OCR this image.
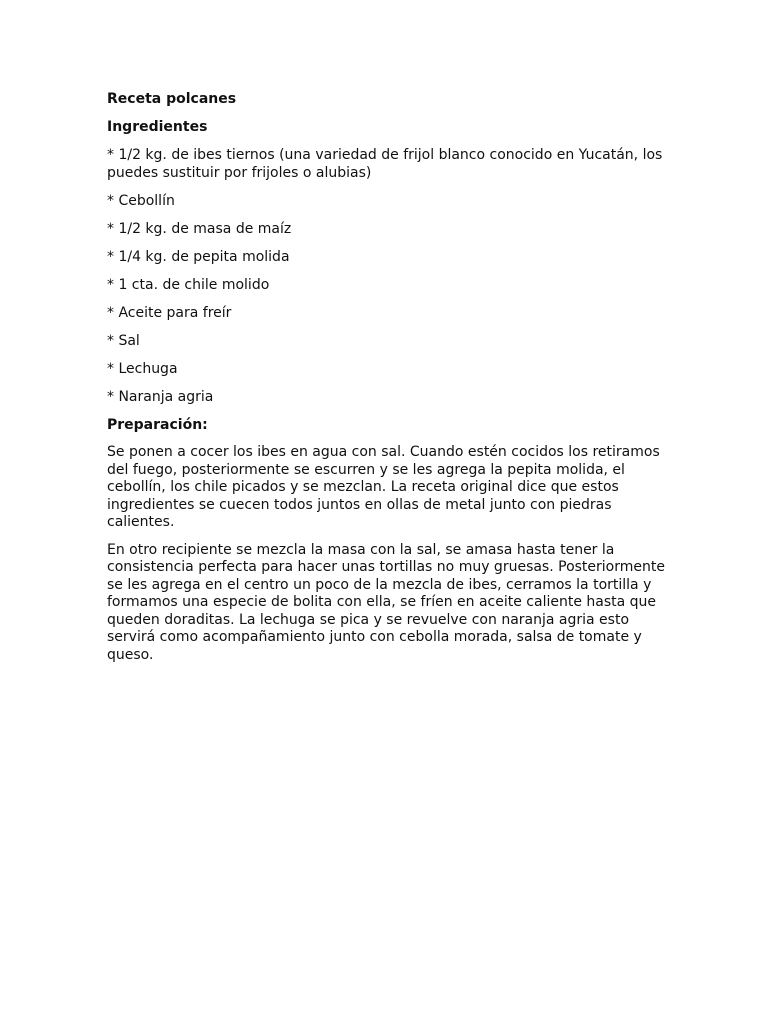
Receta polcanes
Ingredientes
* 1/2 kg. de ibes tiernos (una variedad de frijol blanco conocido en Yucatán, los puedes sustituir por frijoles o alubias)
* Cebollín
* 1/2 kg. de masa de maíz
* 1/4 kg. de pepita molida
* 1 cta. de chile molido
* Aceite para freír
* Sal
* Lechuga
* Naranja agria
Preparación:
Se ponen a cocer los ibes en agua con sal. Cuando estén cocidos los retiramos del fuego, posteriormente se escurren y se les agrega la pepita molida, el cebollín, los chile picados y se mezclan. La receta original dice que estos ingredientes se cuecen todos juntos en ollas de metal junto con piedras calientes.
En otro recipiente se mezcla la masa con la sal, se amasa hasta tener la consistencia perfecta para hacer unas tortillas no muy gruesas. Posteriormente se les agrega en el centro un poco de la mezcla de ibes, cerramos la tortilla y formamos una especie de bolita con ella, se fríen en aceite caliente hasta que queden doraditas. La lechuga se pica y se revuelve con naranja agria esto servirá como acompañamiento junto con cebolla morada, salsa de tomate y queso.
